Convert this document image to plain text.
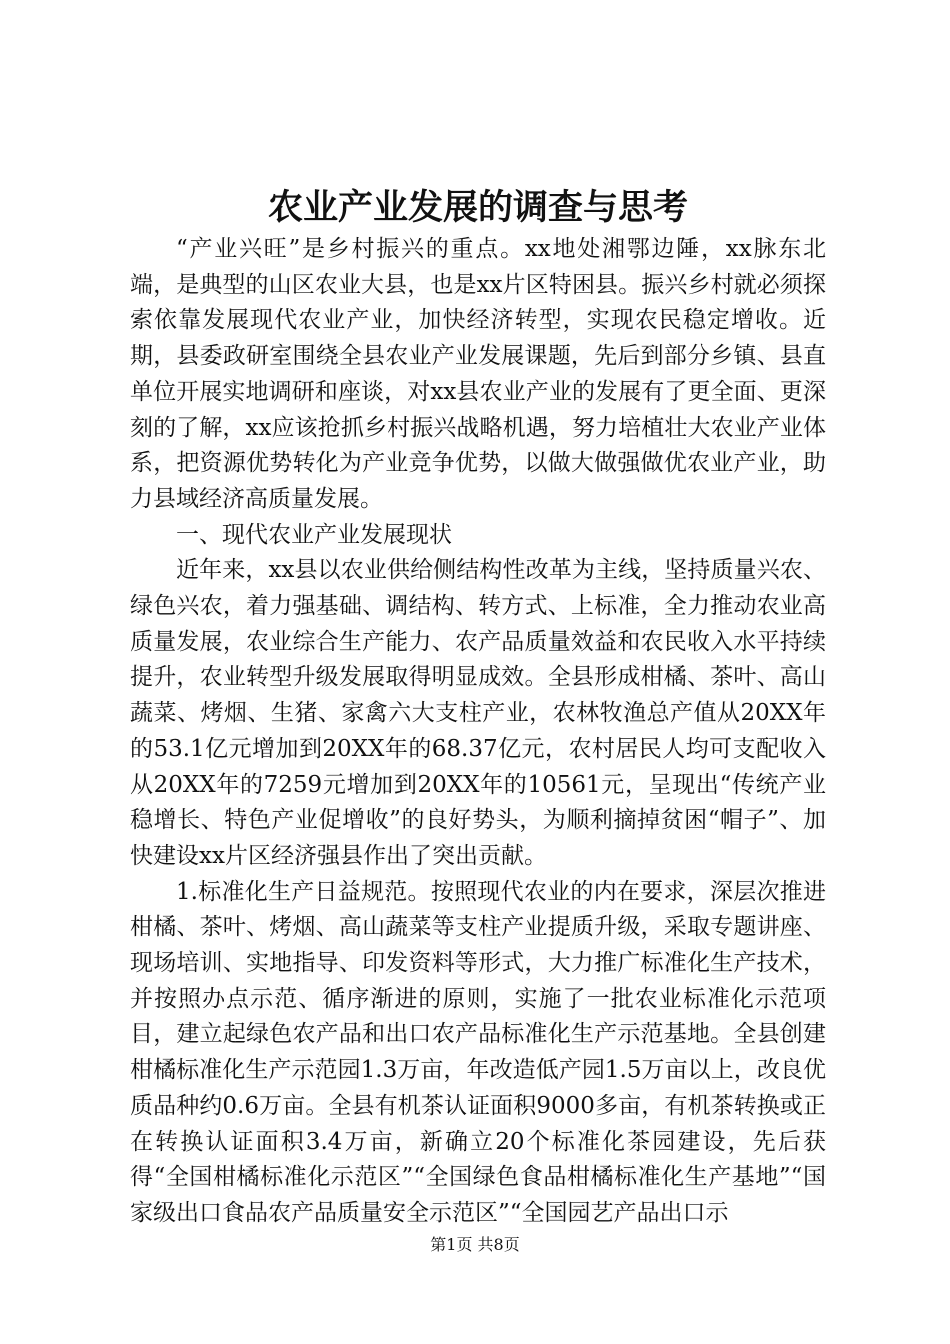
农业产业发展的调查与思考

“产业兴旺”是乡村振兴的重点。xx地处湘鄂边陲，xx脉东北端，是典型的山区农业大县，也是xx片区特困县。振兴乡村就必须探索依靠发展现代农业产业，加快经济转型，实现农民稳定增收。近期，县委政研室围绕全县农业产业发展课题，先后到部分乡镇、县直单位开展实地调研和座谈，对xx县农业产业的发展有了更全面、更深刻的了解，xx应该抢抓乡村振兴战略机遇，努力培植壮大农业产业体系，把资源优势转化为产业竞争优势，以做大做强做优农业产业，助力县域经济高质量发展。

一、现代农业产业发展现状

近年来，xx县以农业供给侧结构性改革为主线，坚持质量兴农、绿色兴农，着力强基础、调结构、转方式、上标准，全力推动农业高质量发展，农业综合生产能力、农产品质量效益和农民收入水平持续提升，农业转型升级发展取得明显成效。全县形成柑橘、茶叶、高山蔬菜、烤烟、生猪、家禽六大支柱产业，农林牧渔总产值从20XX年的53.1亿元增加到20XX年的68.37亿元，农村居民人均可支配收入从20XX年的7259元增加到20XX年的10561元，呈现出“传统产业稳增长、特色产业促增收”的良好势头，为顺利摘掉贫困“帽子”、加快建设xx片区经济强县作出了突出贡献。

1.标准化生产日益规范。按照现代农业的内在要求，深层次推进柑橘、茶叶、烤烟、高山蔬菜等支柱产业提质升级，采取专题讲座、现场培训、实地指导、印发资料等形式，大力推广标准化生产技术，并按照办点示范、循序渐进的原则，实施了一批农业标准化示范项目，建立起绿色农产品和出口农产品标准化生产示范基地。全县创建柑橘标准化生产示范园1.3万亩，年改造低产园1.5万亩以上，改良优质品种约0.6万亩。全县有机茶认证面积9000多亩，有机茶转换或正在转换认证面积3.4万亩，新确立20个标准化茶园建设，先后获得“全国柑橘标准化示范区”“全国绿色食品柑橘标准化生产基地”“国家级出口食品农产品质量安全示范区”“全国园艺产品出口示

第1页 共8页
